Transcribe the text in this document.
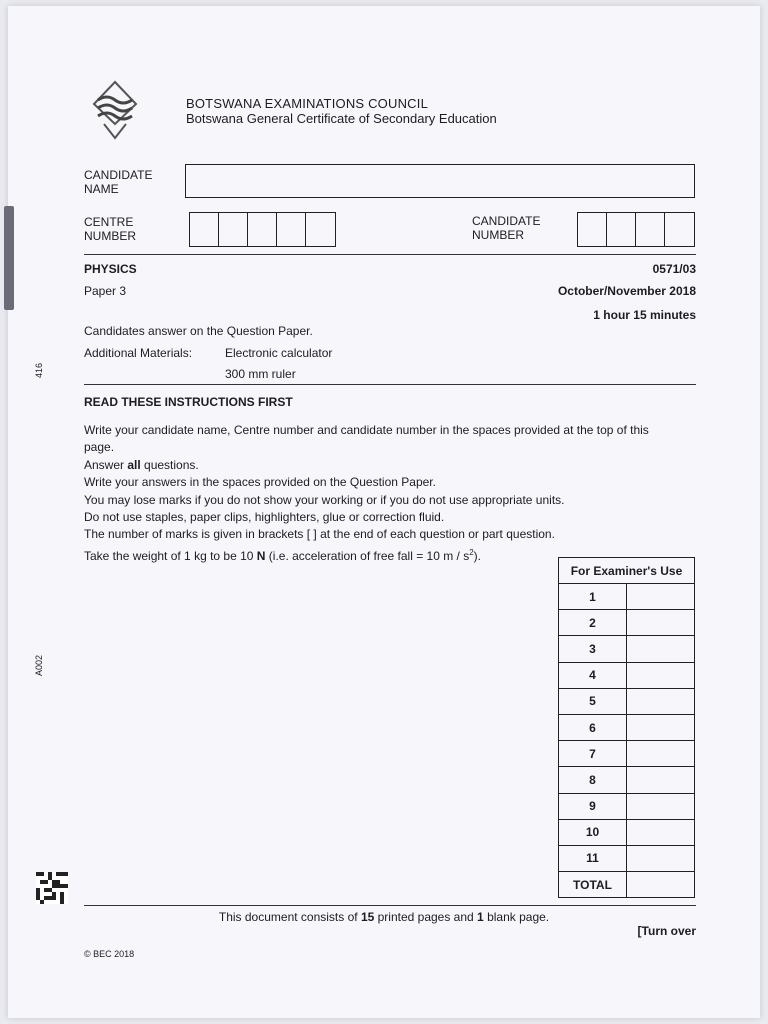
BOTSWANA EXAMINATIONS COUNCIL
Botswana General Certificate of Secondary Education
CANDIDATE NAME
CENTRE NUMBER
CANDIDATE NUMBER
PHYSICS
Paper 3
0571/03
October/November 2018
1 hour 15 minutes
Candidates answer on the Question Paper.
Additional Materials:	Electronic calculator
300 mm ruler
READ THESE INSTRUCTIONS FIRST

Write your candidate name, Centre number and candidate number in the spaces provided at the top of this page.

Answer all questions.

Write your answers in the spaces provided on the Question Paper.

You may lose marks if you do not show your working or if you do not use appropriate units.

Do not use staples, paper clips, highlighters, glue or correction fluid.

The number of marks is given in brackets [ ] at the end of each question or part question.

Take the weight of 1 kg to be 10 N (i.e. acceleration of free fall = 10 m / $s^2$).

For Examiner's Use	
1	
2	
3	
4	
5	
6	
7	
8	
9	
10	
11	
TOTAL	
This document consists of 15 printed pages and 1 blank page.
[Turn over
© BEC 2018
416
A002
